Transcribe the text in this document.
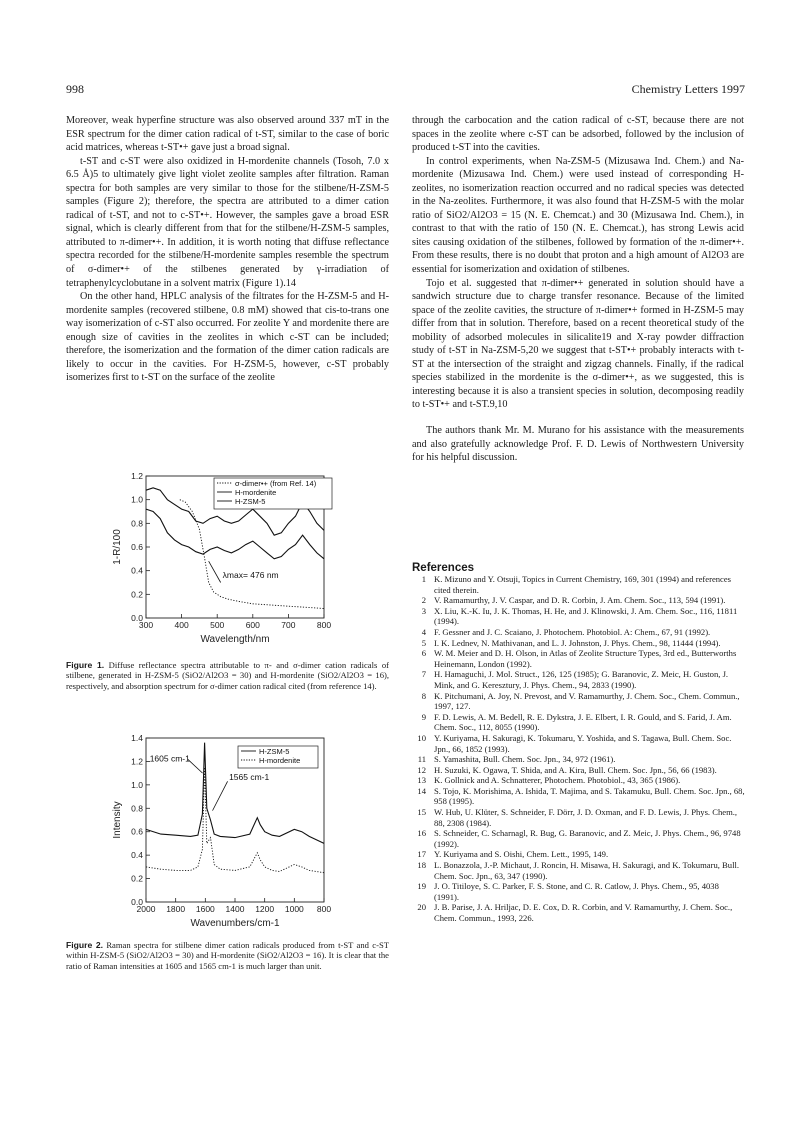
998	Chemistry Letters 1997

Moreover, weak hyperfine structure was also observed around 337 mT in the ESR spectrum for the dimer cation radical of t-ST, similar to the case of boric acid matrices, whereas t-ST•+ gave just a broad signal.

t-ST and c-ST were also oxidized in H-mordenite channels (Tosoh, 7.0 x 6.5 Å)5 to ultimately give light violet zeolite samples after filtration. Raman spectra for both samples are very similar to those for the stilbene/H-ZSM-5 samples (Figure 2); therefore, the spectra are attributed to a dimer cation radical of t-ST, and not to c-ST•+. However, the samples gave a broad ESR signal, which is clearly different from that for the stilbene/H-ZSM-5 samples, attributed to π-dimer•+. In addition, it is worth noting that diffuse reflectance spectra recorded for the stilbene/H-mordenite samples resemble the spectrum of σ-dimer•+ of the stilbenes generated by γ-irradiation of tetraphenylcyclobutane in a solvent matrix (Figure 1).14

On the other hand, HPLC analysis of the filtrates for the H-ZSM-5 and H-mordenite samples (recovered stilbene, 0.8 mM) showed that cis-to-trans one way isomerization of c-ST also occurred. For zeolite Y and mordenite there are enough size of cavities in the zeolites in which c-ST can be included; therefore, the isomerization and the formation of the dimer cation radicals are likely to occur in the cavities. For H-ZSM-5, however, c-ST probably isomerizes first to t-ST on the surface of the zeolite

through the carbocation and the cation radical of c-ST, because there are not spaces in the zeolite where c-ST can be adsorbed, followed by the inclusion of produced t-ST into the cavities.

In control experiments, when Na-ZSM-5 (Mizusawa Ind. Chem.) and Na-mordenite (Mizusawa Ind. Chem.) were used instead of corresponding H-zeolites, no isomerization reaction occurred and no radical species was detected in the Na-zeolites. Furthermore, it was also found that H-ZSM-5 with the molar ratio of SiO2/Al2O3 = 15 (N. E. Chemcat.) and 30 (Mizusawa Ind. Chem.), in contrast to that with the ratio of 150 (N. E. Chemcat.), has strong Lewis acid sites causing oxidation of the stilbenes, followed by formation of the π-dimer•+. From these results, there is no doubt that proton and a high amount of Al2O3 are essential for isomerization and oxidation of stilbenes.

Tojo et al. suggested that π-dimer•+ generated in solution should have a sandwich structure due to charge transfer resonance. Because of the limited space of the zeolite cavities, the structure of π-dimer•+ formed in H-ZSM-5 may differ from that in solution. Therefore, based on a recent theoretical study of the mobility of adsorbed molecules in silicalite19 and X-ray powder diffraction study of t-ST in Na-ZSM-5,20 we suggest that t-ST•+ probably interacts with t-ST at the intersection of the straight and zigzag channels. Finally, if the radical species stabilized in the mordenite is the σ-dimer•+, as we suggested, this is interesting because it is also a transient species in solution, decomposing readily to t-ST•+ and t-ST.9,10

The authors thank Mr. M. Murano for his assistance with the measurements and also gratefully acknowledge Prof. F. D. Lewis of Northwestern University for his helpful discussion.

300	400	500	600	700	800
0.0
0.2
0.4
0.6
0.8
1.0
1.2
Wavelength/nm
1-R/100
σ-dimer•+ (from Ref. 14)
H-mordenite
H-ZSM-5
λmax= 476 nm
Figure 1. Diffuse reflectance spectra attributable to π- and σ-dimer cation radicals of stilbene, generated in H-ZSM-5 (SiO2/Al2O3 = 30) and H-mordenite (SiO2/Al2O3 = 16), respectively, and absorption spectrum for σ-dimer cation radical cited (from reference 14).
2000 1800 1600 1400 1200 1000 800
0.0
0.2
0.4
0.6
0.8
1.0
1.2
1.4
Wavenumbers/cm-1
Intensity
H-ZSM-5
H-mordenite
1605 cm-1
1565 cm-1
Figure 2. Raman spectra for stilbene dimer cation radicals produced from t-ST and c-ST within H-ZSM-5 (SiO2/Al2O3 = 30) and H-mordenite (SiO2/Al2O3 = 16). It is clear that the ratio of Raman intensities at 1605 and 1565 cm-1 is much larger than unit.
References
1 K. Mizuno and Y. Otsuji, Topics in Current Chemistry, 169, 301 (1994) and references cited therein.
2 V. Ramamurthy, J. V. Caspar, and D. R. Corbin, J. Am. Chem. Soc., 113, 594 (1991).
3 X. Liu, K.-K. Iu, J. K. Thomas, H. He, and J. Klinowski, J. Am. Chem. Soc., 116, 11811 (1994).
4 F. Gessner and J. C. Scaiano, J. Photochem. Photobiol. A: Chem., 67, 91 (1992).
5 I. K. Lednev, N. Mathivanan, and L. J. Johnston, J. Phys. Chem., 98, 11444 (1994).
6 W. M. Meier and D. H. Olson, in Atlas of Zeolite Structure Types, 3rd ed., Butterworths Heinemann, London (1992).
7 H. Hamaguchi, J. Mol. Struct., 126, 125 (1985); G. Baranovic, Z. Meic, H. Guston, J. Mink, and G. Keresztury, J. Phys. Chem., 94, 2833 (1990).
8 K. Pitchumani, A. Joy, N. Prevost, and V. Ramamurthy, J. Chem. Soc., Chem. Commun., 1997, 127.
9 F. D. Lewis, A. M. Bedell, R. E. Dykstra, J. E. Elbert, I. R. Gould, and S. Farid, J. Am. Chem. Soc., 112, 8055 (1990).
10 Y. Kuriyama, H. Sakuragi, K. Tokumaru, Y. Yoshida, and S. Tagawa, Bull. Chem. Soc. Jpn., 66, 1852 (1993).
11 S. Yamashita, Bull. Chem. Soc. Jpn., 34, 972 (1961).
12 H. Suzuki, K. Ogawa, T. Shida, and A. Kira, Bull. Chem. Soc. Jpn., 56, 66 (1983).
13 K. Gollnick and A. Schnatterer, Photochem. Photobiol., 43, 365 (1986).
14 S. Tojo, K. Morishima, A. Ishida, T. Majima, and S. Takamuku, Bull. Chem. Soc. Jpn., 68, 958 (1995).
15 W. Hub, U. Klüter, S. Schneider, F. Dörr, J. D. Oxman, and F. D. Lewis, J. Phys. Chem., 88, 2308 (1984).
16 S. Schneider, C. Scharnagl, R. Bug, G. Baranovic, and Z. Meic, J. Phys. Chem., 96, 9748 (1992).
17 Y. Kuriyama and S. Oishi, Chem. Lett., 1995, 149.
18 L. Bonazzola, J.-P. Michaut, J. Roncin, H. Misawa, H. Sakuragi, and K. Tokumaru, Bull. Chem. Soc. Jpn., 63, 347 (1990).
19 J. O. Titiloye, S. C. Parker, F. S. Stone, and C. R. Catlow, J. Phys. Chem., 95, 4038 (1991).
20 J. B. Parise, J. A. Hriljac, D. E. Cox, D. R. Corbin, and V. Ramamurthy, J. Chem. Soc., Chem. Commun., 1993, 226.
